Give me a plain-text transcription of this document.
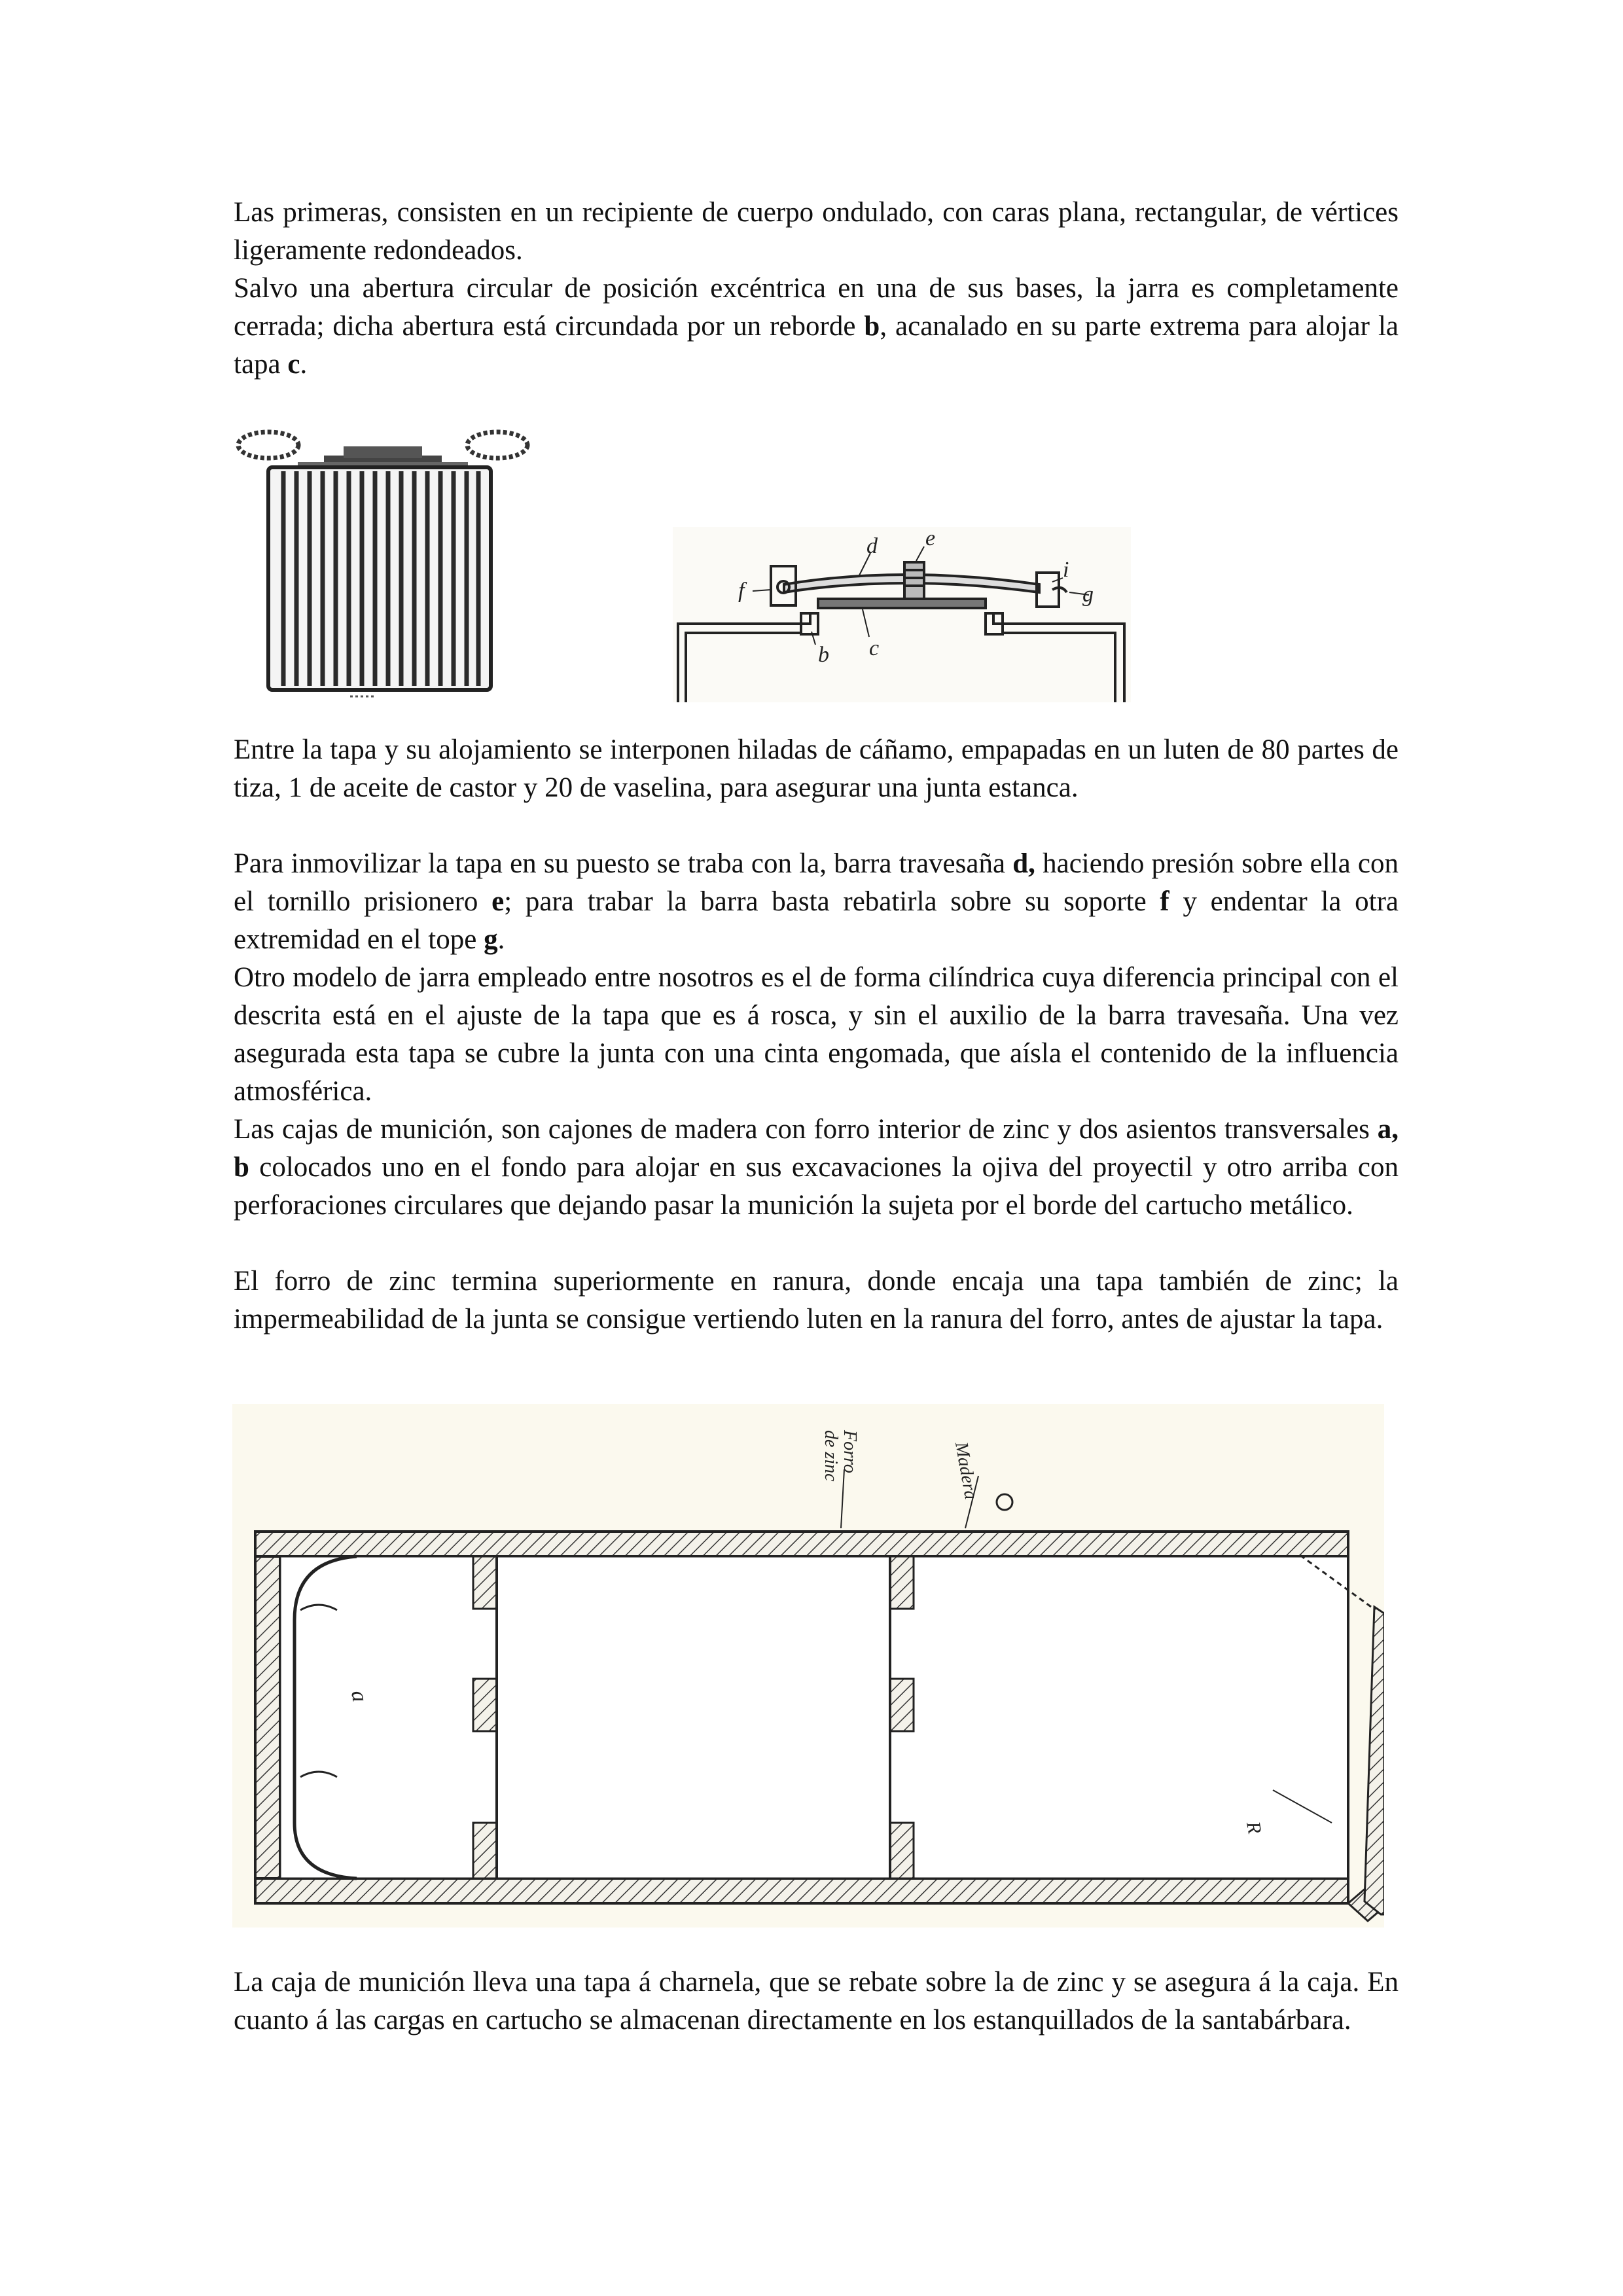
Las primeras, consisten en un recipiente de cuerpo ondulado, con caras plana, rectangular, de vértices ligeramente redondeados.
Salvo una abertura circular de posición excéntrica en una de sus bases, la jarra es completamente cerrada; dicha abertura está circundada por un reborde b, acanalado en su parte extrema para alojar la tapa c.
d e
f	g
b c
i
Entre la tapa y su alojamiento se interponen hiladas de cáñamo, empapadas en un luten de 80 partes de tiza, 1 de aceite de castor y 20 de vaselina, para asegurar una junta estanca.
Para inmovilizar la tapa en su puesto se traba con la, barra travesaña d, haciendo presión sobre ella con el tornillo prisionero e; para trabar la barra basta rebatirla sobre su soporte f y endentar la otra extremidad en el tope g.
Otro modelo de jarra empleado entre nosotros es el de forma cilíndrica cuya diferencia principal con el descrita está en el ajuste de la tapa que es á rosca, y sin el auxilio de la barra travesaña. Una vez asegurada esta tapa se cubre la junta con una cinta engomada, que aísla el contenido de la influencia atmosférica.
Las cajas de munición, son cajones de madera con forro interior de zinc y dos asientos transversales a, b colocados uno en el fondo para alojar en sus excavaciones la ojiva del proyectil y otro arriba con perforaciones circulares que dejando pasar la munición la sujeta por el borde del cartucho metálico.
El forro de zinc termina superiormente en ranura, donde encaja una tapa también de zinc; la impermeabilidad de la junta se consigue vertiendo luten en la ranura del forro, antes de ajustar la tapa.
Forro
de zinc	Madera
a
R
La caja de munición lleva una tapa á charnela, que se rebate sobre la de zinc y se asegura á la caja. En cuanto á las cargas en cartucho se almacenan directamente en los estanquillados de la santabárbara.
